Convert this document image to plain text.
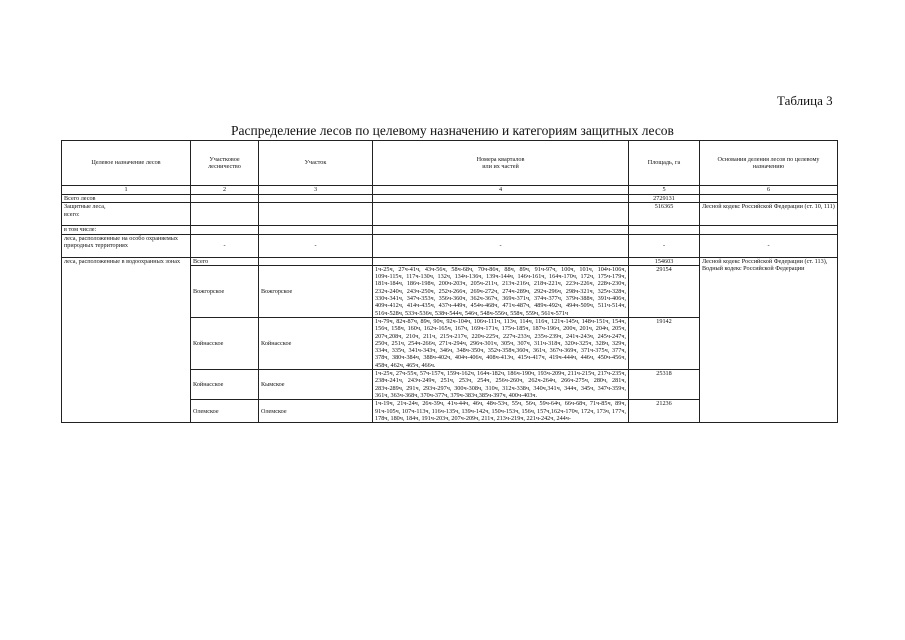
Таблица 3
Распределение лесов по целевому назначению и категориям защитных лесов
Целевое назначение лесов	Участковое лесничество	Участок	Номера кварталов
или их частей	Площадь, га	Основания деления лесов по целевому назначению
1	2	3	4	5	6
Всего лесов				2729131	
Защитные леса,
всего:				516365	Лесной кодекс Российской Федерации (ст. 10, 111)
в том числе:					
леса, расположенные на особо охраняемых природных территориях	-	-	-	-	-
леса, расположенные в водоохранных зонах	Всего			154603	Лесной кодекс Российской Федерации (ст. 113),
Водный кодекс Российской Федерации
	Вожгорское	Вожгорское	1ч-25ч, 27ч-41ч, 43ч-56ч, 58ч-68ч, 70ч-86ч, 88ч, 89ч, 91ч-97ч, 100ч, 101ч, 104ч-106ч, 109ч-115ч, 117ч-130ч, 132ч, 134ч-136ч, 139ч-144ч, 146ч-161ч, 164ч-170ч, 172ч, 175ч-179ч, 181ч-184ч, 186ч-198ч, 200ч-203ч, 205ч-211ч, 213ч-216ч, 218ч-221ч, 223ч-226ч, 228ч-230ч, 232ч-240ч, 243ч-250ч, 252ч-266ч, 269ч-272ч, 274ч-289ч, 292ч-296ч, 298ч-321ч, 325ч-328ч, 330ч-341ч, 347ч-353ч, 356ч-360ч, 362ч-367ч, 369ч-371ч, 374ч-377ч, 379ч-388ч, 391ч-406ч, 409ч-412ч, 414ч-435ч, 437ч-449ч, 454ч-468ч, 471ч-487ч, 489ч-492ч, 494ч-509ч, 511ч-514ч, 516ч-528ч, 533ч-536ч, 538ч-544ч, 546ч, 548ч-556ч, 558ч, 559ч, 561ч-571ч	29154	
	Койнасское	Койнасское	1ч-79ч, 82ч-87ч, 89ч, 90ч, 92ч-104ч, 106ч-111ч, 113ч, 114ч, 116ч, 121ч-145ч, 148ч-151ч, 154ч, 156ч, 158ч, 160ч, 162ч-165ч, 167ч, 169ч-171ч, 175ч-185ч, 187ч-196ч, 200ч, 201ч, 204ч, 205ч, 207ч,208ч, 210ч, 211ч, 215ч-217ч, 220ч-225ч, 227ч-233ч, 235ч-239ч, 241ч-243ч, 245ч-247ч, 250ч, 251ч, 254ч-266ч, 271ч-294ч, 296ч-301ч, 305ч, 307ч, 311ч-318ч, 320ч-325ч, 328ч, 329ч, 334ч, 335ч, 341ч-343ч, 346ч, 348ч-350ч, 352ч-358ч,360ч, 361ч, 367ч-369ч, 371ч-375ч, 377ч, 378ч, 380ч-384ч, 388ч-402ч, 404ч-406ч, 408ч-413ч, 415ч-417ч, 419ч-444ч, 446ч, 450ч-456ч, 458ч, 462ч, 465ч, 466ч.	19142	
	Койнасское	Кымское	1ч-25ч, 27ч-55ч, 57ч-157ч, 159ч-162ч, 164ч-182ч, 186ч-190ч, 193ч-209ч, 211ч-215ч, 217ч-235ч, 238ч-241ч, 243ч-249ч, 251ч, 253ч, 254ч, 256ч-260ч, 262ч-264ч, 266ч-275ч, 280ч, 281ч, 283ч-289ч, 291ч, 293ч-297ч, 300ч-308ч, 310ч, 312ч-338ч, 340ч,341ч, 344ч, 345ч, 347ч-359ч, 361ч, 363ч-368ч, 370ч-377ч, 379ч-383ч,385ч-397ч, 400ч-403ч.	25318	
	Олемское	Олемское	1ч-19ч, 21ч-24ч, 26ч-39ч, 41ч-44ч, 46ч, 48ч-53ч, 55ч, 56ч, 59ч-64ч, 66ч-68ч, 71ч-85ч, 89ч, 91ч-105ч, 107ч-113ч, 116ч-135ч, 139ч-142ч, 150ч-153ч, 156ч, 157ч,162ч-170ч, 172ч, 173ч, 177ч, 178ч, 180ч, 184ч, 191ч-203ч, 207ч-209ч, 211ч, 213ч-219ч, 221ч-242ч, 244ч-	21236	
